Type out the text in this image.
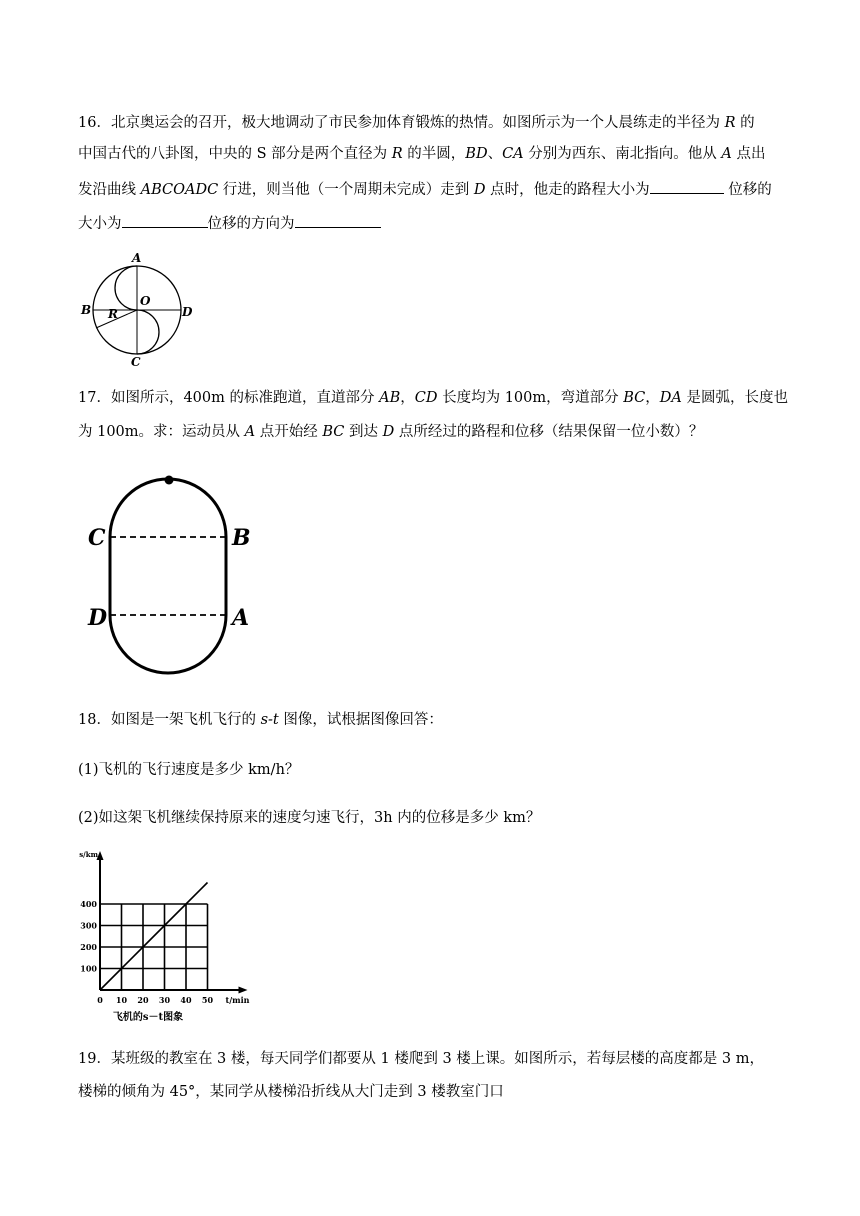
16．北京奥运会的召开，极大地调动了市民参加体育锻炼的热情。如图所示为一个人晨练走的半径为 R 的
中国古代的八卦图，中央的 S 部分是两个直径为 R 的半圆，BD、CA 分别为西东、南北指向。他从 A 点出
发沿曲线 ABCOADC 行进，则当他（一个周期未完成）走到 D 点时，他走的路程大小为	位移的
大小为	位移的方向为
A
B
C
D
O
R
17．如图所示，400m 的标准跑道，直道部分 AB，CD 长度均为 100m，弯道部分 BC，DA 是圆弧，长度也
为 100m。求：运动员从 A 点开始经 BC 到达 D 点所经过的路程和位移（结果保留一位小数）？
C	B
D	A
18．如图是一架飞机飞行的 s-t 图像，试根据图像回答：
(1)飞机的飞行速度是多少 km/h？
(2)如这架飞机继续保持原来的速度匀速飞行，3h 内的位移是多少 km？
0 10 20 30 40 50
100
200
300
400
t/min
s/km
飞机的s－t图象
19．某班级的教室在 3 楼，每天同学们都要从 1 楼爬到 3 楼上课。如图所示，若每层楼的高度都是 3 m，
楼梯的倾角为 45°，某同学从楼梯沿折线从大门走到 3 楼教室门口
